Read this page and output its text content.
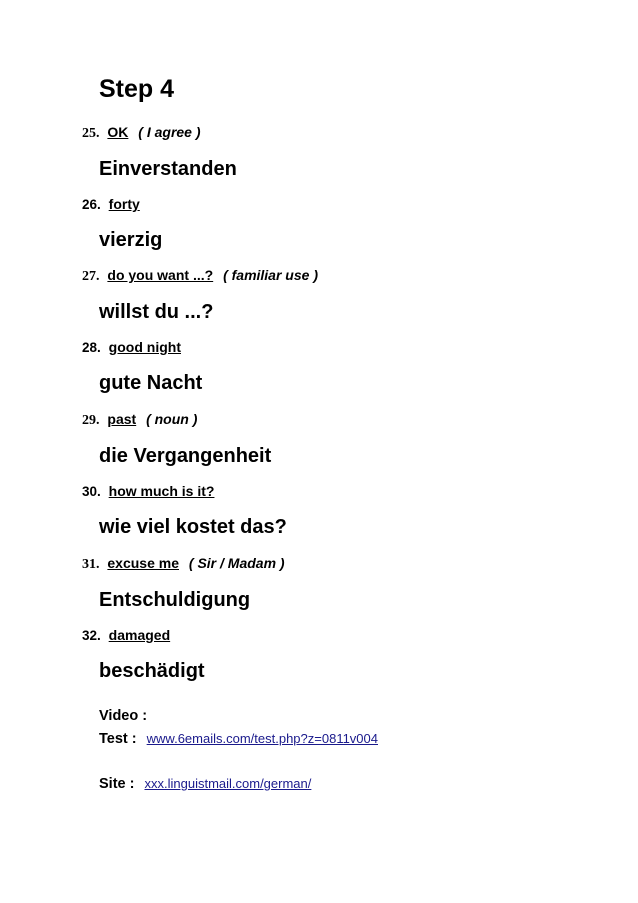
Step 4
25. OK ( I agree )
Einverstanden
26. forty
vierzig
27. do you want ...? ( familiar use )
willst du ...?
28. good night
gute Nacht
29. past ( noun )
die Vergangenheit
30. how much is it?
wie viel kostet das?
31. excuse me ( Sir / Madam )
Entschuldigung
32. damaged
beschädigt
Video :
Test : www.6emails.com/test.php?z=0811v004
Site : xxx.linguistmail.com/german/
